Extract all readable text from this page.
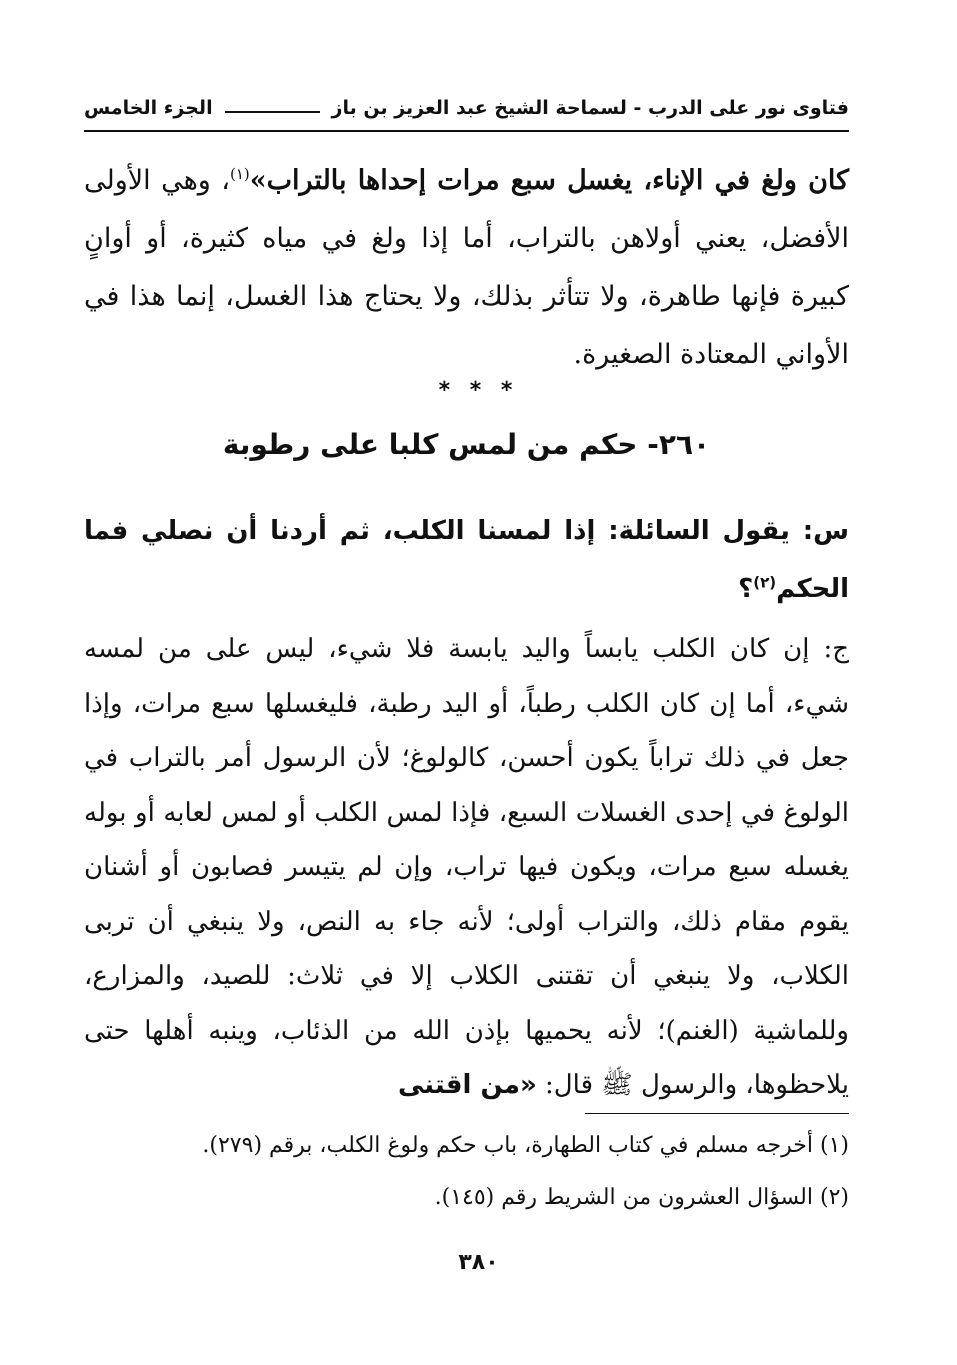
فتاوى نور على الدرب - لسماحة الشيخ عبد العزيز بن باز
الجزء الخامس
كان ولغ في الإناء، يغسل سبع مرات إحداها بالتراب»$^{(١)}$، وهي الأولى الأفضل، يعني أولاهن بالتراب، أما إذا ولغ في مياه كثيرة، أو أوانٍ كبيرة فإنها طاهرة، ولا تتأثر بذلك، ولا يحتاج هذا الغسل، إنما هذا في الأواني المعتادة الصغيرة.
* * *
٢٦٠- حكم من لمس كلبا على رطوبة
س: يقول السائلة: إذا لمسنا الكلب، ثم أردنا أن نصلي فما الحكم$^{(٢)}$؟
ج: إن كان الكلب يابساً واليد يابسة فلا شيء، ليس على من لمسه شيء، أما إن كان الكلب رطباً، أو اليد رطبة، فليغسلها سبع مرات، وإذا جعل في ذلك تراباً يكون أحسن، كالولوغ؛ لأن الرسول أمر بالتراب في الولوغ في إحدى الغسلات السبع، فإذا لمس الكلب أو لمس لعابه أو بوله يغسله سبع مرات، ويكون فيها تراب، وإن لم يتيسر فصابون أو أشنان يقوم مقام ذلك، والتراب أولى؛ لأنه جاء به النص، ولا ينبغي أن تربى الكلاب، ولا ينبغي أن تقتنى الكلاب إلا في ثلاث: للصيد، والمزارع، وللماشية (الغنم)؛ لأنه يحميها بإذن الله من الذئاب، وينبه أهلها حتى يلاحظوها، والرسول ﷺ قال: «من اقتنى
(١) أخرجه مسلم في كتاب الطهارة، باب حكم ولوغ الكلب، برقم (٢٧٩).
(٢) السؤال العشرون من الشريط رقم (١٤٥).
٣٨٠
